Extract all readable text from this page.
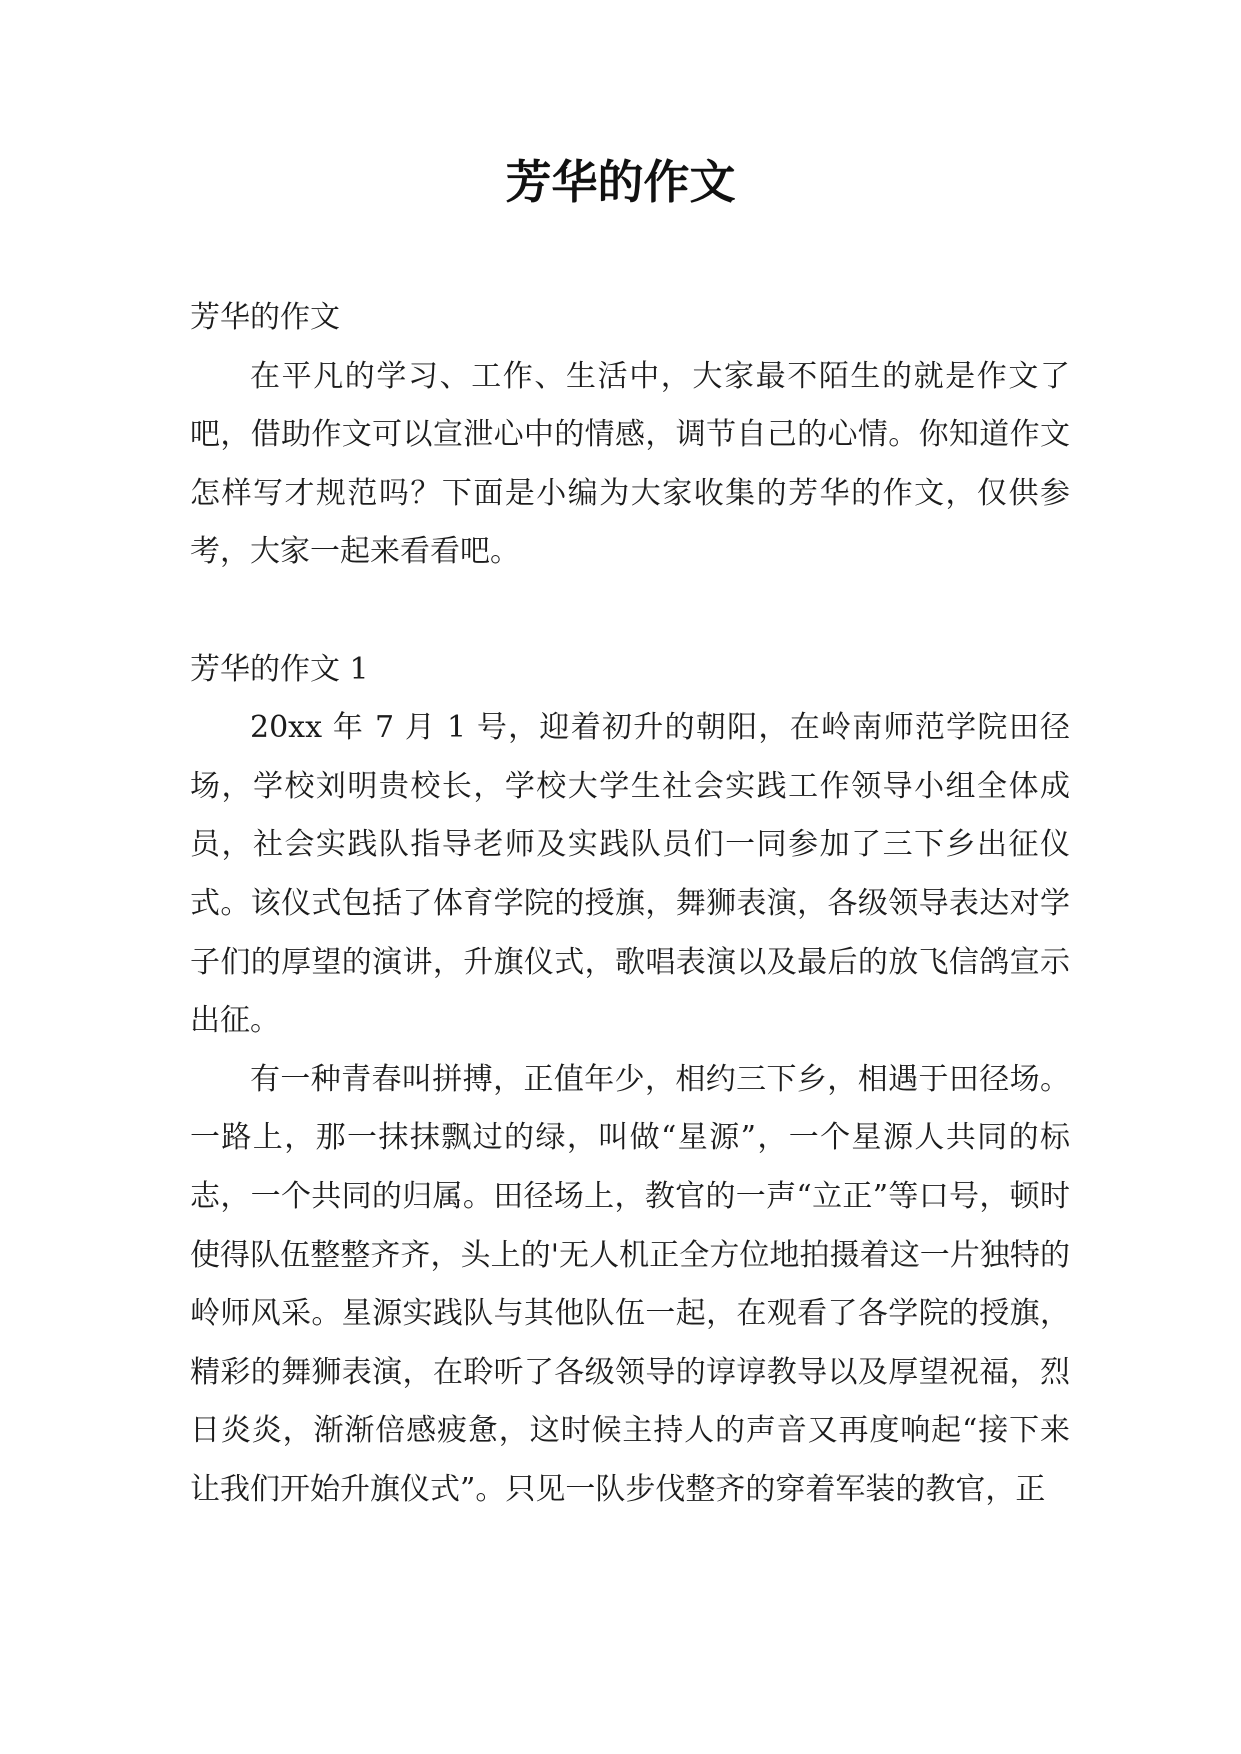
芳华的作文

芳华的作文

在平凡的学习、工作、生活中，大家最不陌生的就是作文了吧，借助作文可以宣泄心中的情感，调节自己的心情。你知道作文怎样写才规范吗？下面是小编为大家收集的芳华的作文，仅供参考，大家一起来看看吧。

芳华的作文 1

20xx 年 7 月 1 号，迎着初升的朝阳，在岭南师范学院田径场，学校刘明贵校长，学校大学生社会实践工作领导小组全体成员，社会实践队指导老师及实践队员们一同参加了三下乡出征仪式。该仪式包括了体育学院的授旗，舞狮表演，各级领导表达对学子们的厚望的演讲，升旗仪式，歌唱表演以及最后的放飞信鸽宣示出征。

有一种青春叫拼搏，正值年少，相约三下乡，相遇于田径场。一路上，那一抹抹飘过的绿，叫做“星源”，一个星源人共同的标志，一个共同的归属。田径场上，教官的一声“立正”等口号，顿时使得队伍整整齐齐，头上的'无人机正全方位地拍摄着这一片独特的岭师风采。星源实践队与其他队伍一起，在观看了各学院的授旗，精彩的舞狮表演，在聆听了各级领导的谆谆教导以及厚望祝福，烈日炎炎，渐渐倍感疲惫，这时候主持人的声音又再度响起“接下来让我们开始升旗仪式”。只见一队步伐整齐的穿着军装的教官，正
